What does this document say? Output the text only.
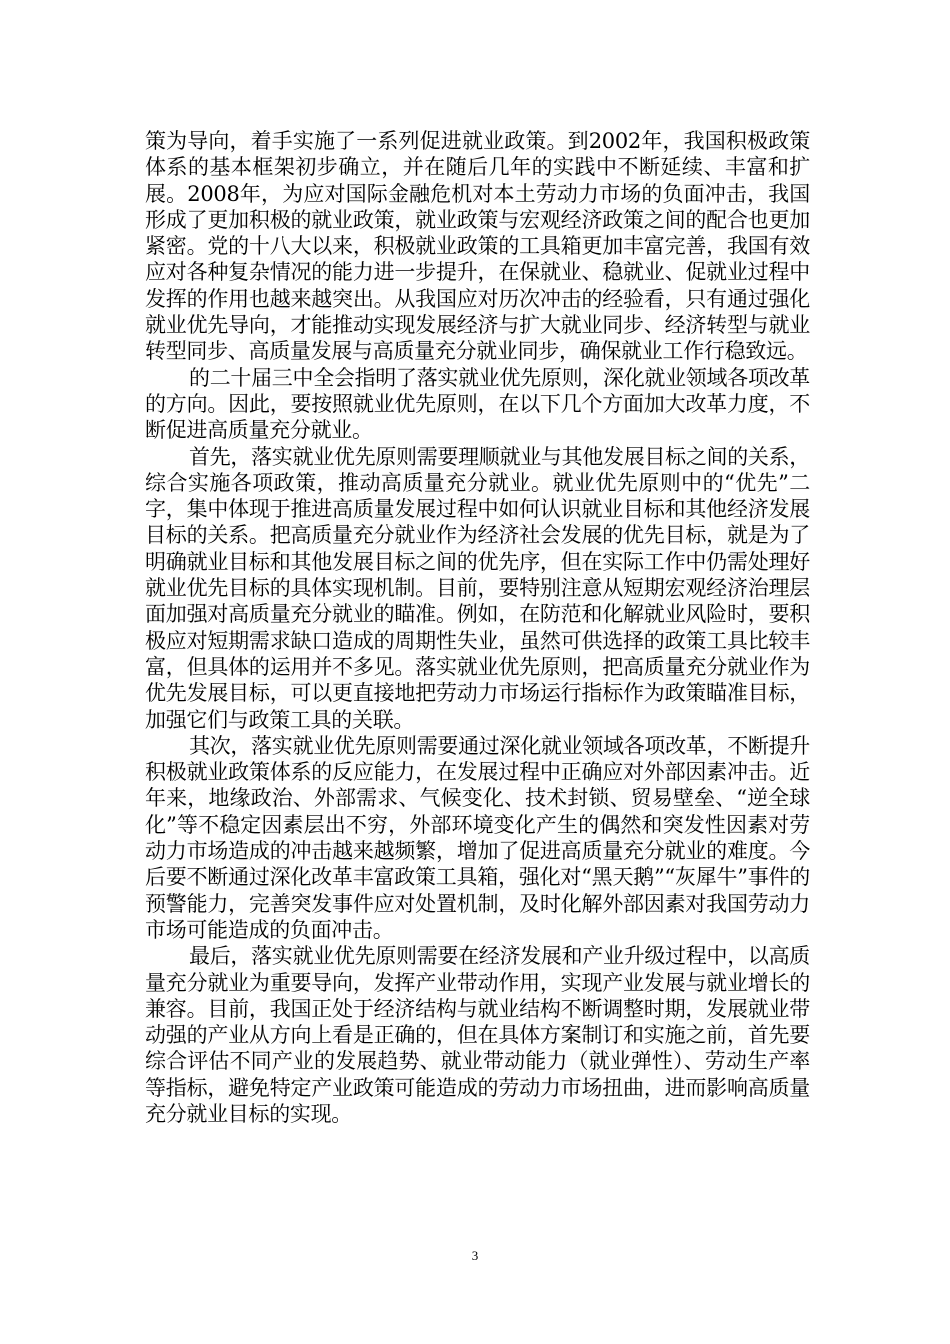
策为导向，着手实施了一系列促进就业政策。到2002年，我国积极政策体系的基本框架初步确立，并在随后几年的实践中不断延续、丰富和扩展。2008年，为应对国际金融危机对本土劳动力市场的负面冲击，我国形成了更加积极的就业政策，就业政策与宏观经济政策之间的配合也更加紧密。党的十八大以来，积极就业政策的工具箱更加丰富完善，我国有效应对各种复杂情况的能力进一步提升，在保就业、稳就业、促就业过程中发挥的作用也越来越突出。从我国应对历次冲击的经验看，只有通过强化就业优先导向，才能推动实现发展经济与扩大就业同步、经济转型与就业转型同步、高质量发展与高质量充分就业同步，确保就业工作行稳致远。

的二十届三中全会指明了落实就业优先原则，深化就业领域各项改革的方向。因此，要按照就业优先原则，在以下几个方面加大改革力度，不断促进高质量充分就业。

首先，落实就业优先原则需要理顺就业与其他发展目标之间的关系，综合实施各项政策，推动高质量充分就业。就业优先原则中的“优先”二字，集中体现于推进高质量发展过程中如何认识就业目标和其他经济发展目标的关系。把高质量充分就业作为经济社会发展的优先目标，就是为了明确就业目标和其他发展目标之间的优先序，但在实际工作中仍需处理好就业优先目标的具体实现机制。目前，要特别注意从短期宏观经济治理层面加强对高质量充分就业的瞄准。例如，在防范和化解就业风险时，要积极应对短期需求缺口造成的周期性失业，虽然可供选择的政策工具比较丰富，但具体的运用并不多见。落实就业优先原则，把高质量充分就业作为优先发展目标，可以更直接地把劳动力市场运行指标作为政策瞄准目标，加强它们与政策工具的关联。

其次，落实就业优先原则需要通过深化就业领域各项改革，不断提升积极就业政策体系的反应能力，在发展过程中正确应对外部因素冲击。近年来，地缘政治、外部需求、气候变化、技术封锁、贸易壁垒、“逆全球化”等不稳定因素层出不穷，外部环境变化产生的偶然和突发性因素对劳动力市场造成的冲击越来越频繁，增加了促进高质量充分就业的难度。今后要不断通过深化改革丰富政策工具箱，强化对“黑天鹅”“灰犀牛”事件的预警能力，完善突发事件应对处置机制，及时化解外部因素对我国劳动力市场可能造成的负面冲击。

最后，落实就业优先原则需要在经济发展和产业升级过程中，以高质量充分就业为重要导向，发挥产业带动作用，实现产业发展与就业增长的兼容。目前，我国正处于经济结构与就业结构不断调整时期，发展就业带动强的产业从方向上看是正确的，但在具体方案制订和实施之前，首先要综合评估不同产业的发展趋势、就业带动能力（就业弹性）、劳动生产率等指标，避免特定产业政策可能造成的劳动力市场扭曲，进而影响高质量充分就业目标的实现。

3
